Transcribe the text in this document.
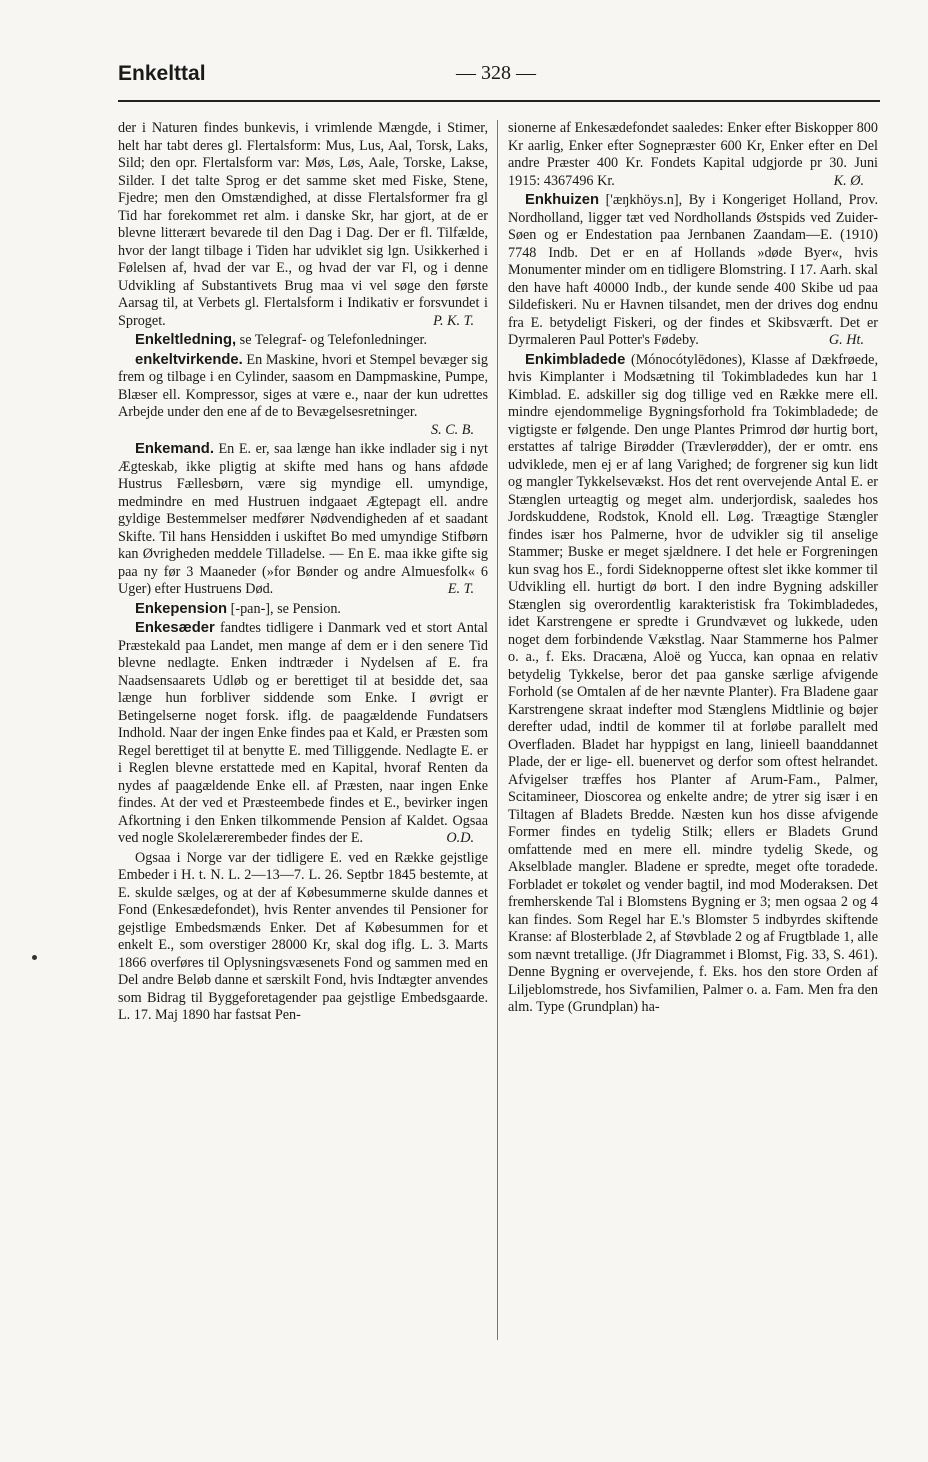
Enkelttal	— 328 —

der i Naturen findes bunkevis, i vrimlende Mængde, i Stimer, helt har tabt deres gl. Flertalsform: Mus, Lus, Aal, Torsk, Laks, Sild; den opr. Flertalsform var: Møs, Løs, Aale, Torske, Lakse, Silder. I det talte Sprog er det samme sket med Fiske, Stene, Fjedre; men den Omstændighed, at disse Flertalsformer fra gl Tid har forekommet ret alm. i danske Skr, har gjort, at de er blevne litterært bevarede til den Dag i Dag. Der er fl. Tilfælde, hvor der langt tilbage i Tiden har udviklet sig lgn. Usikkerhed i Følelsen af, hvad der var E., og hvad der var Fl, og i denne Udvikling af Substantivets Brug maa vi vel søge den første Aarsag til, at Verbets gl. Flertalsform i Indikativ er forsvundet i Sproget.	P. K. T.

Enkeltledning, se Telegraf- og Telefonledninger.

enkeltvirkende. En Maskine, hvori et Stempel bevæger sig frem og tilbage i en Cylinder, saasom en Dampmaskine, Pumpe, Blæser ell. Kompressor, siges at være e., naar der kun udrettes Arbejde under den ene af de to Bevægelsesretninger.
S. C. B.

Enkemand. En E. er, saa længe han ikke indlader sig i nyt Ægteskab, ikke pligtig at skifte med hans og hans afdøde Hustrus Fællesbørn, være sig myndige ell. umyndige, medmindre en med Hustruen indgaaet Ægtepagt ell. andre gyldige Bestemmelser medfører Nødvendigheden af et saadant Skifte. Til hans Hensidden i uskiftet Bo med umyndige Stifbørn kan Øvrigheden meddele Tilladelse. — En E. maa ikke gifte sig paa ny før 3 Maaneder (»for Bønder og andre Almuesfolk« 6 Uger) efter Hustruens Død.	E. T.

Enkepension [-pan-], se Pension.

Enkesæder fandtes tidligere i Danmark ved et stort Antal Præstekald paa Landet, men mange af dem er i den senere Tid blevne nedlagte. Enken indtræder i Nydelsen af E. fra Naadsensaarets Udløb og er berettiget til at besidde det, saa længe hun forbliver siddende som Enke. I øvrigt er Betingelserne noget forsk. iflg. de paagældende Fundatsers Indhold. Naar der ingen Enke findes paa et Kald, er Præsten som Regel berettiget til at benytte E. med Tilliggende. Nedlagte E. er i Reglen blevne erstattede med en Kapital, hvoraf Renten da nydes af paagældende Enke ell. af Præsten, naar ingen Enke findes. At der ved et Præsteembede findes et E., bevirker ingen Afkortning i den Enken tilkommende Pension af Kaldet. Ogsaa ved nogle Skolelærerembeder findes der E.	O.D.

Ogsaa i Norge var der tidligere E. ved en Række gejstlige Embeder i H. t. N. L. 2—13—7. L. 26. Septbr 1845 bestemte, at E. skulde sælges, og at der af Købesummerne skulde dannes et Fond (Enkesædefondet), hvis Renter anvendes til Pensioner for gejstlige Embedsmænds Enker. Det af Købesummen for et enkelt E., som overstiger 28000 Kr, skal dog iflg. L. 3. Marts 1866 overføres til Oplysningsvæsenets Fond og sammen med en Del andre Beløb danne et særskilt Fond, hvis Indtægter anvendes som Bidrag til Byggeforetagender paa gejstlige Embedsgaarde. L. 17. Maj 1890 har fastsat Pen-

sionerne af Enkesædefondet saaledes: Enker efter Biskopper 800 Kr aarlig, Enker efter Sognepræster 600 Kr, Enker efter en Del andre Præster 400 Kr. Fondets Kapital udgjorde pr 30. Juni 1915: 4367496 Kr.	K. Ø.

Enkhuizen ['æŋkhöys.n], By i Kongeriget Holland, Prov. Nordholland, ligger tæt ved Nordhollands Østspids ved Zuider-Søen og er Endestation paa Jernbanen Zaandam—E. (1910) 7748 Indb. Det er en af Hollands »døde Byer«, hvis Monumenter minder om en tidligere Blomstring. I 17. Aarh. skal den have haft 40000 Indb., der kunde sende 400 Skibe ud paa Sildefiskeri. Nu er Havnen tilsandet, men der drives dog endnu fra E. betydeligt Fiskeri, og der findes et Skibsværft. Det er Dyrmaleren Paul Potter's Fødeby.	G. Ht.

Enkimbladede (Mónocótylēdones), Klasse af Dækfrøede, hvis Kimplanter i Modsætning til Tokimbladedes kun har 1 Kimblad. E. adskiller sig dog tillige ved en Række mere ell. mindre ejendommelige Bygningsforhold fra Tokimbladede; de vigtigste er følgende. Den unge Plantes Primrod dør hurtig bort, erstattes af talrige Birødder (Trævlerødder), der er omtr. ens udviklede, men ej er af lang Varighed; de forgrener sig kun lidt og mangler Tykkelsevækst. Hos det rent overvejende Antal E. er Stænglen urteagtig og meget alm. underjordisk, saaledes hos Jordskuddene, Rodstok, Knold ell. Løg. Træagtige Stængler findes især hos Palmerne, hvor de udvikler sig til anselige Stammer; Buske er meget sjældnere. I det hele er Forgreningen kun svag hos E., fordi Sideknopperne oftest slet ikke kommer til Udvikling ell. hurtigt dø bort. I den indre Bygning adskiller Stænglen sig overordentlig karakteristisk fra Tokimbladedes, idet Karstrengene er spredte i Grundvævet og lukkede, uden noget dem forbindende Vækstlag. Naar Stammerne hos Palmer o. a., f. Eks. Dracæna, Aloë og Yucca, kan opnaa en relativ betydelig Tykkelse, beror det paa ganske særlige afvigende Forhold (se Omtalen af de her nævnte Planter). Fra Bladene gaar Karstrengene skraat indefter mod Stænglens Midtlinie og bøjer derefter udad, indtil de kommer til at forløbe parallelt med Overfladen. Bladet har hyppigst en lang, linieell baanddannet Plade, der er lige- ell. buenervet og derfor som oftest helrandet. Afvigelser træffes hos Planter af Arum-Fam., Palmer, Scitamineer, Dioscorea og enkelte andre; de ytrer sig især i en Tiltagen af Bladets Bredde. Næsten kun hos disse afvigende Former findes en tydelig Stilk; ellers er Bladets Grund omfattende med en mere ell. mindre tydelig Skede, og Akselblade mangler. Bladene er spredte, meget ofte toradede. Forbladet er tokølet og vender bagtil, ind mod Moderaksen. Det fremherskende Tal i Blomstens Bygning er 3; men ogsaa 2 og 4 kan findes. Som Regel har E.'s Blomster 5 indbyrdes skiftende Kranse: af Blosterblade 2, af Støvblade 2 og af Frugtblade 1, alle som nævnt tretallige. (Jfr Diagrammet i Blomst, Fig. 33, S. 461). Denne Bygning er overvejende, f. Eks. hos den store Orden af Liljeblomstrede, hos Sivfamilien, Palmer o. a. Fam. Men fra den alm. Type (Grundplan) ha-
